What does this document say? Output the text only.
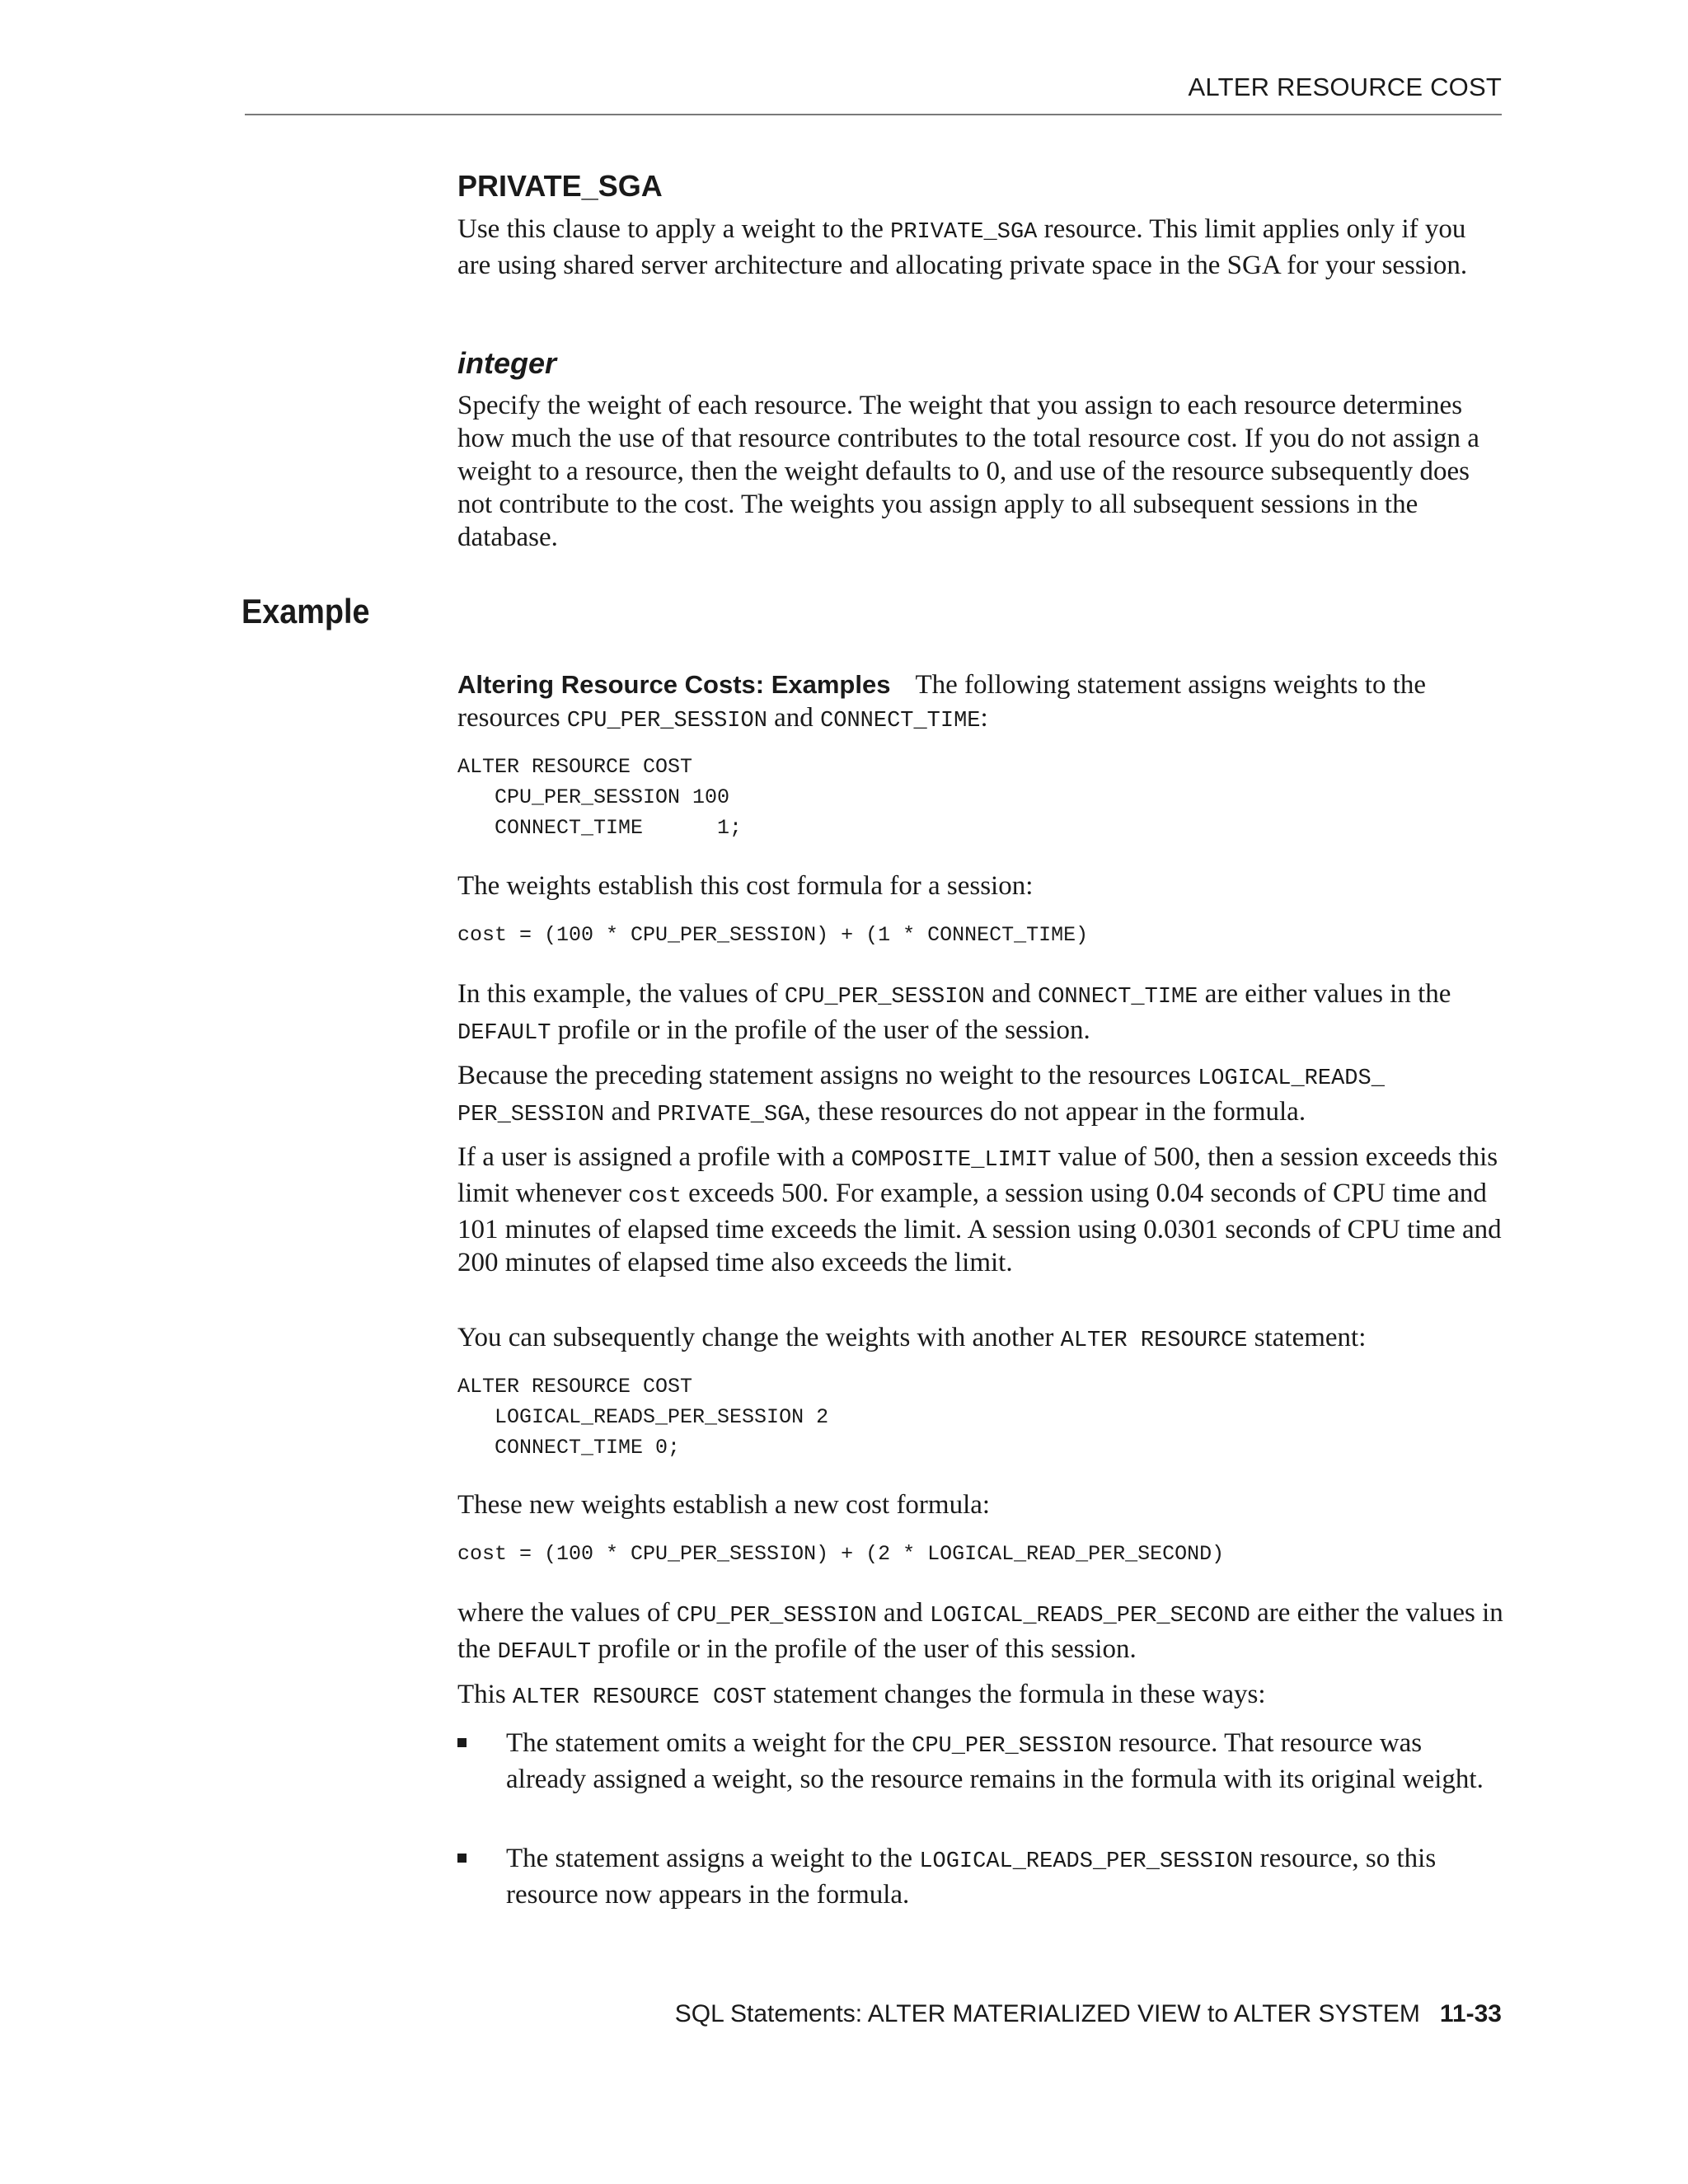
ALTER RESOURCE COST
PRIVATE_SGA

Use this clause to apply a weight to the PRIVATE_SGA resource. This limit applies only if you are using shared server architecture and allocating private space in the SGA for your session.

integer

Specify the weight of each resource. The weight that you assign to each resource determines how much the use of that resource contributes to the total resource cost. If you do not assign a weight to a resource, then the weight defaults to 0, and use of the resource subsequently does not contribute to the cost. The weights you assign apply to all subsequent sessions in the database.

Example

Altering Resource Costs: Examples The following statement assigns weights to the resources CPU_PER_SESSION and CONNECT_TIME:

ALTER RESOURCE COST
CPU_PER_SESSION 100
CONNECT_TIME      1;

The weights establish this cost formula for a session:

cost = (100 * CPU_PER_SESSION) + (1 * CONNECT_TIME)

In this example, the values of CPU_PER_SESSION and CONNECT_TIME are either values in the DEFAULT profile or in the profile of the user of the session.

Because the preceding statement assigns no weight to the resources LOGICAL_READS_
PER_SESSION and PRIVATE_SGA, these resources do not appear in the formula.

If a user is assigned a profile with a COMPOSITE_LIMIT value of 500, then a session exceeds this limit whenever cost exceeds 500. For example, a session using 0.04 seconds of CPU time and 101 minutes of elapsed time exceeds the limit. A session using 0.0301 seconds of CPU time and 200 minutes of elapsed time also exceeds the limit.

You can subsequently change the weights with another ALTER RESOURCE statement:

ALTER RESOURCE COST
LOGICAL_READS_PER_SESSION 2
CONNECT_TIME 0;

These new weights establish a new cost formula:

cost = (100 * CPU_PER_SESSION) + (2 * LOGICAL_READ_PER_SECOND)

where the values of CPU_PER_SESSION and LOGICAL_READS_PER_SECOND are either the values in the DEFAULT profile or in the profile of the user of this session.

This ALTER RESOURCE COST statement changes the formula in these ways:

The statement omits a weight for the CPU_PER_SESSION resource. That resource was already assigned a weight, so the resource remains in the formula with its original weight.

The statement assigns a weight to the LOGICAL_READS_PER_SESSION resource, so this resource now appears in the formula.

SQL Statements: ALTER MATERIALIZED VIEW to ALTER SYSTEM 11-33
